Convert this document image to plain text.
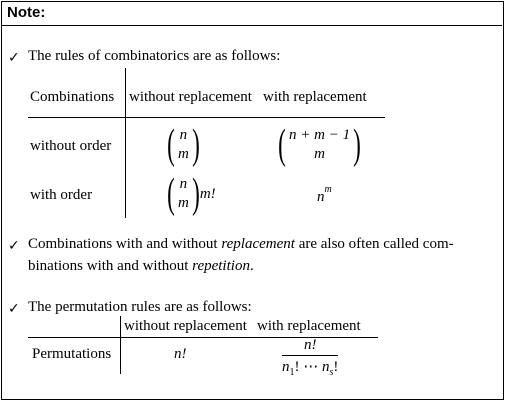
Note:
✓ The rules of combinatorics are as follows:
Combinations without replacement with replacement
without order
with order
( n
m ) ( n + m − 1
m )
( n
m ) m!	$n^m$
✓ Combinations with and without replacement are also often called com-
binations with and without repetition.
✓ The permutation rules are as follows:
without replacement with replacement
Permutations	n!
n!
$n_1$! ⋯ $n_s$!
